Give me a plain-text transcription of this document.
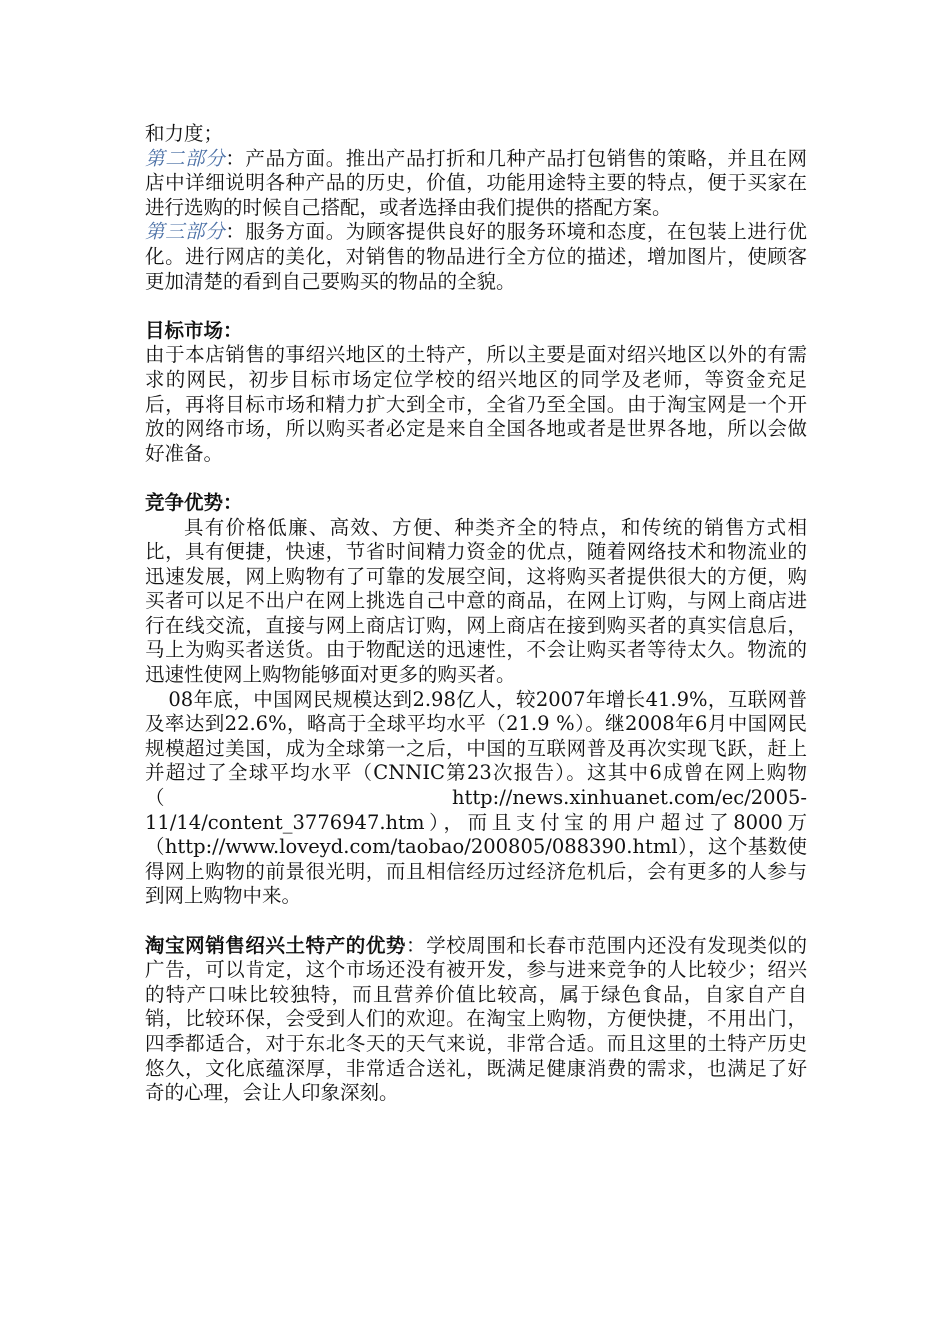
和力度；

第二部分：产品方面。推出产品打折和几种产品打包销售的策略，并且在网店中详细说明各种产品的历史，价值，功能用途特主要的特点，便于买家在进行选购的时候自己搭配，或者选择由我们提供的搭配方案。

第三部分：服务方面。为顾客提供良好的服务环境和态度，在包装上进行优化。进行网店的美化，对销售的物品进行全方位的描述，增加图片，使顾客更加清楚的看到自己要购买的物品的全貌。

目标市场：

由于本店销售的事绍兴地区的土特产，所以主要是面对绍兴地区以外的有需求的网民，初步目标市场定位学校的绍兴地区的同学及老师，等资金充足后，再将目标市场和精力扩大到全市，全省乃至全国。由于淘宝网是一个开放的网络市场，所以购买者必定是来自全国各地或者是世界各地，所以会做好准备。

竞争优势：

具有价格低廉、高效、方便、种类齐全的特点，和传统的销售方式相比，具有便捷，快速，节省时间精力资金的优点，随着网络技术和物流业的迅速发展，网上购物有了可靠的发展空间，这将购买者提供很大的方便，购买者可以足不出户在网上挑选自己中意的商品，在网上订购，与网上商店进行在线交流，直接与网上商店订购，网上商店在接到购买者的真实信息后，马上为购买者送货。由于物配送的迅速性，不会让购买者等待太久。物流的迅速性使网上购物能够面对更多的购买者。

08年底，中国网民规模达到2.98亿人，较2007年增长41.9%，互联网普及率达到22.6%，略高于全球平均水平（21.9 %）。继2008年6月中国网民规模超过美国，成为全球第一之后，中国的互联网普及再次实现飞跃，赶上并超过了全球平均水平（CNNIC第23次报告）。这其中6成曾在网上购物（http://news.xinhuanet.com/ec/2005-11/14/content_3776947.htm），而且支付宝的用户超过了8000万（http://www.loveyd.com/taobao/200805/088390.html），这个基数使得网上购物的前景很光明，而且相信经历过经济危机后，会有更多的人参与到网上购物中来。

淘宝网销售绍兴土特产的优势：学校周围和长春市范围内还没有发现类似的广告，可以肯定，这个市场还没有被开发，参与进来竞争的人比较少；绍兴的特产口味比较独特，而且营养价值比较高，属于绿色食品，自家自产自销，比较环保，会受到人们的欢迎。在淘宝上购物，方便快捷，不用出门，四季都适合，对于东北冬天的天气来说，非常合适。而且这里的土特产历史悠久，文化底蕴深厚，非常适合送礼，既满足健康消费的需求，也满足了好奇的心理，会让人印象深刻。
